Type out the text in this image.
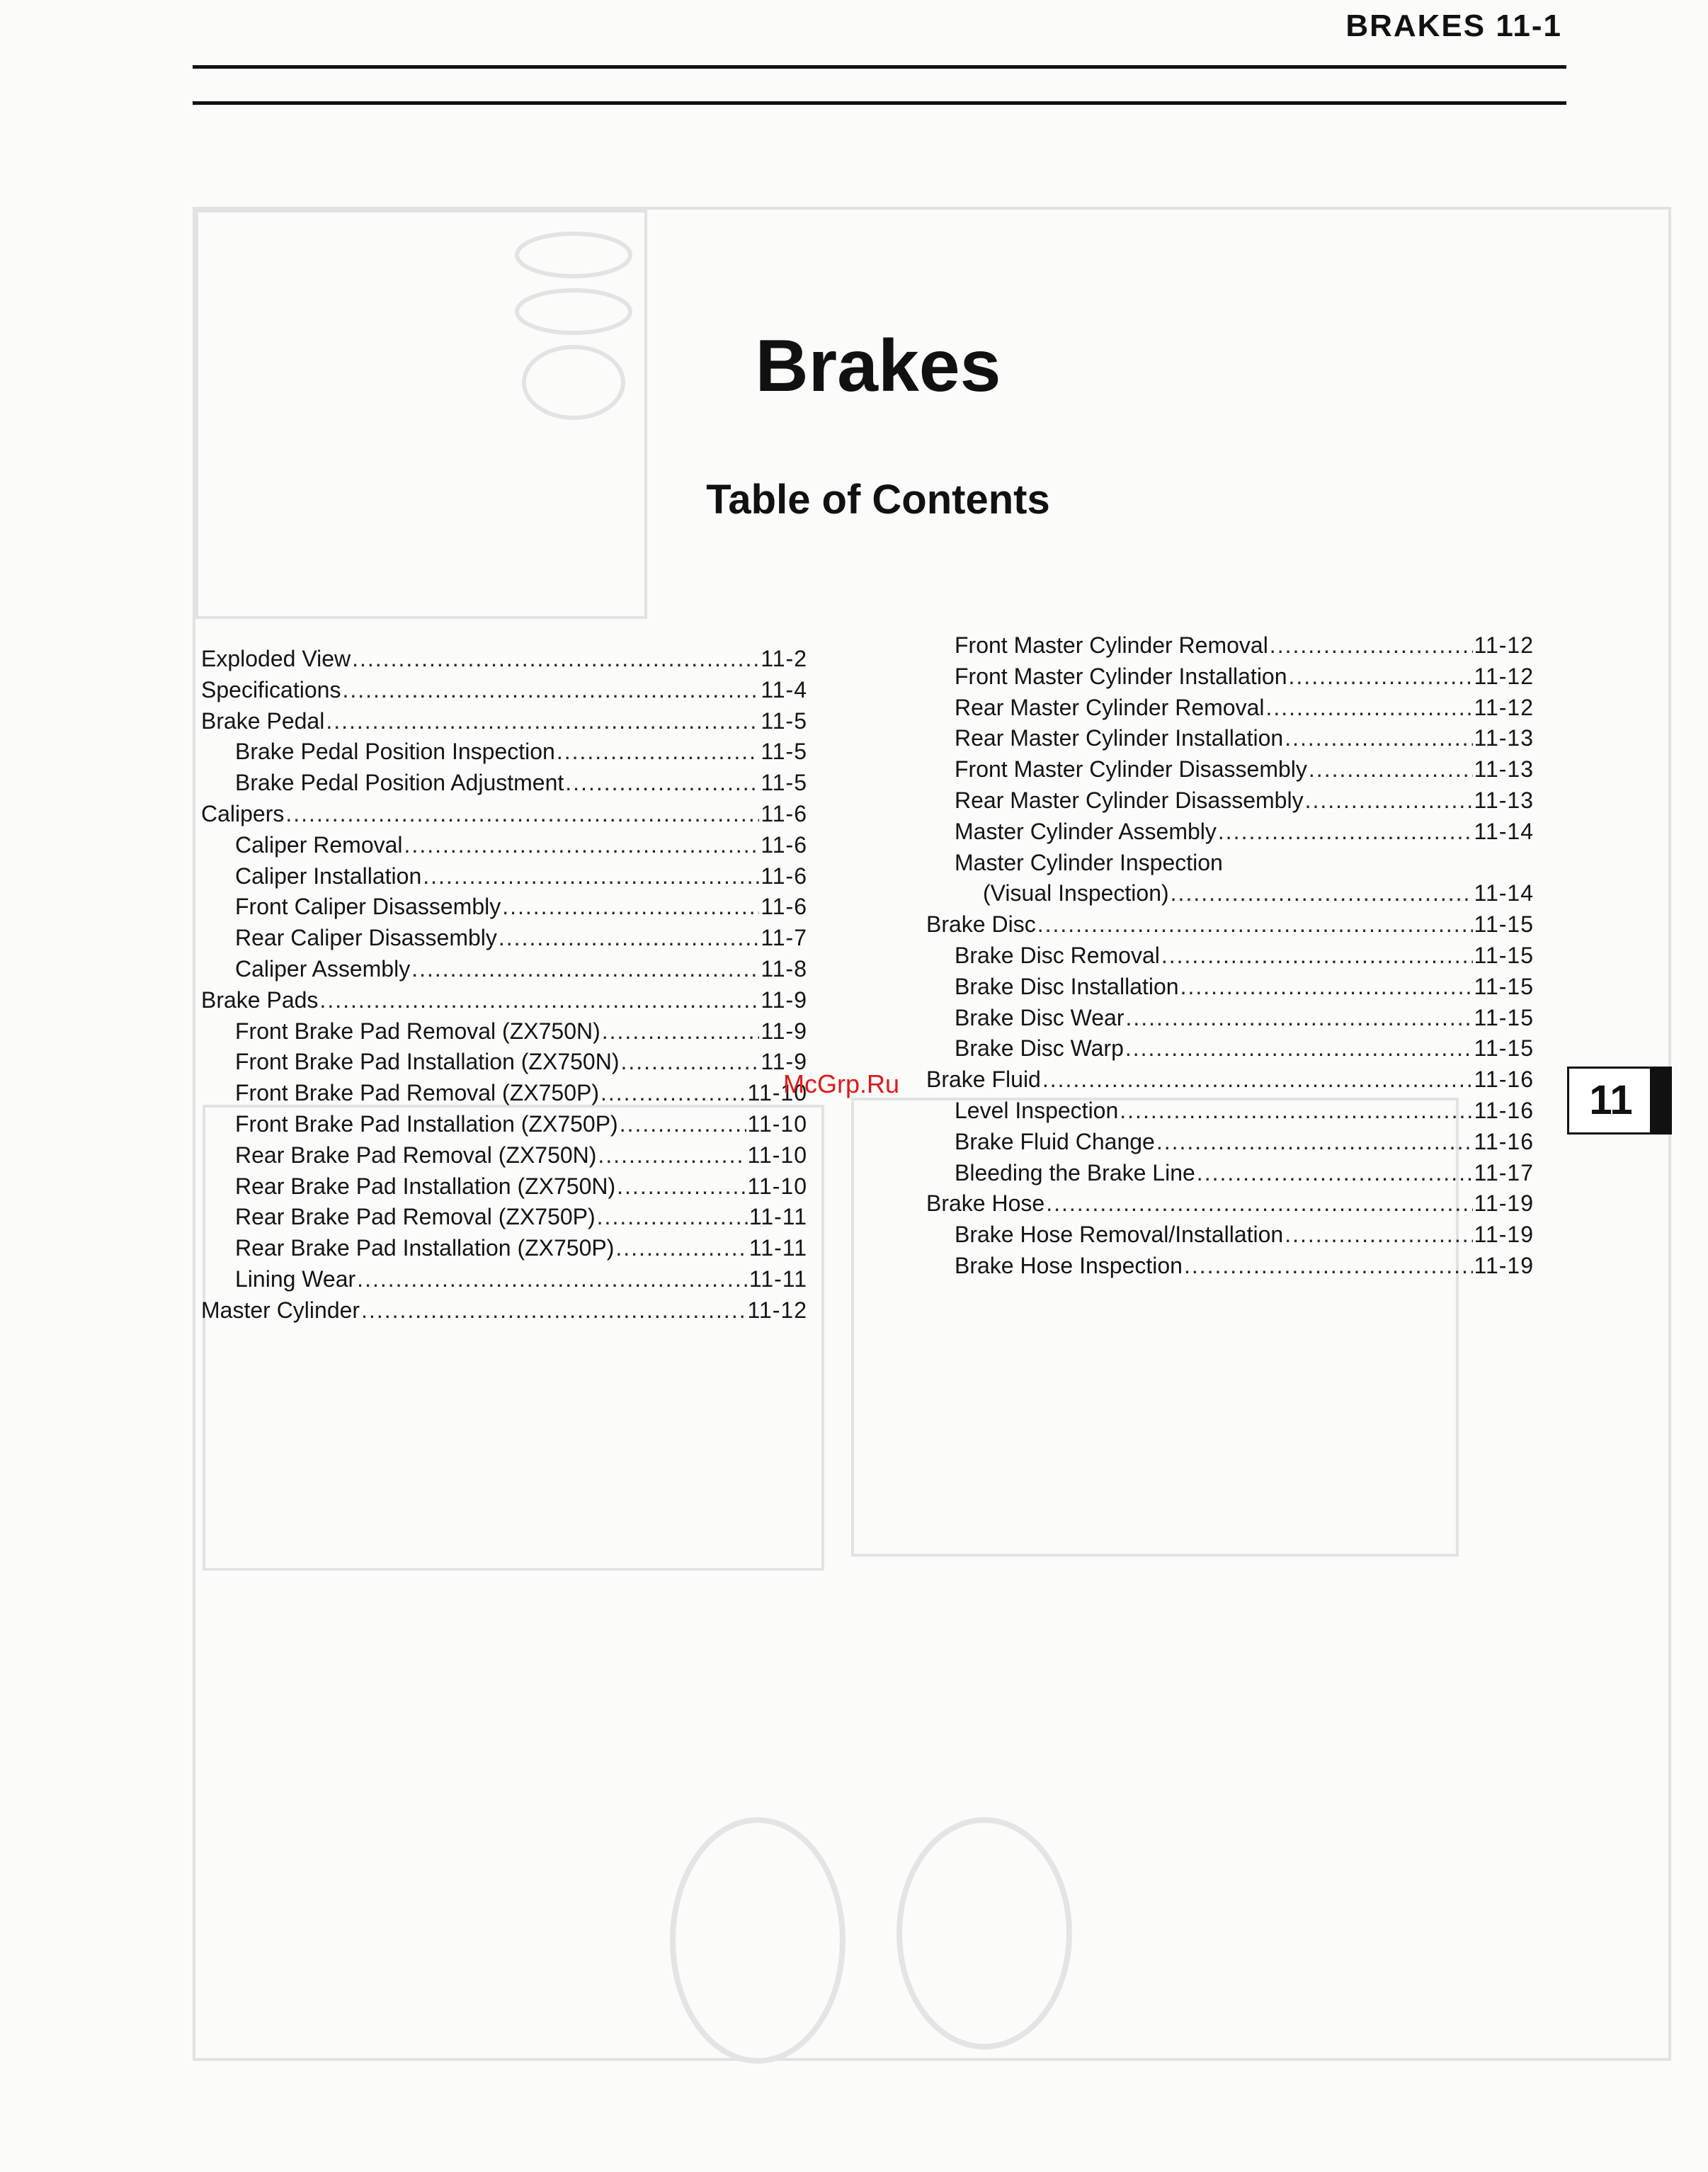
BRAKES 11-1
Brakes
Table of Contents
Exploded View .....	11-2
Specifications .....	11-4
Brake Pedal .....	11-5
Brake Pedal Position Inspection .....	11-5
Brake Pedal Position Adjustment .....	11-5
Calipers .....	11-6
Caliper Removal .....	11-6
Caliper Installation .....	11-6
Front Caliper Disassembly .....	11-6
Rear Caliper Disassembly .....	11-7
Caliper Assembly .....	11-8
Brake Pads .....	11-9
Front Brake Pad Removal (ZX750N) .....	11-9
Front Brake Pad Installation (ZX750N) .....	11-9
Front Brake Pad Removal (ZX750P) .....	11-10
Front Brake Pad Installation (ZX750P) .....	11-10
Rear Brake Pad Removal (ZX750N) .....	11-10
Rear Brake Pad Installation (ZX750N) .....	11-10
Rear Brake Pad Removal (ZX750P) .....	11-11
Rear Brake Pad Installation (ZX750P) .....	11-11
Lining Wear .....	11-11
Master Cylinder .....	11-12
Front Master Cylinder Removal .....	11-12
Front Master Cylinder Installation .....	11-12
Rear Master Cylinder Removal .....	11-12
Rear Master Cylinder Installation .....	11-13
Front Master Cylinder Disassembly .....	11-13
Rear Master Cylinder Disassembly .....	11-13
Master Cylinder Assembly .....	11-14
Master Cylinder Inspection
(Visual Inspection) .....	11-14
Brake Disc .....	11-15
Brake Disc Removal .....	11-15
Brake Disc Installation .....	11-15
Brake Disc Wear .....	11-15
Brake Disc Warp .....	11-15
Brake Fluid .....	11-16
Level Inspection .....	11-16
Brake Fluid Change .....	11-16
Bleeding the Brake Line .....	11-17
Brake Hose .....	11-19
Brake Hose Removal/Installation .....	11-19
Brake Hose Inspection .....	11-19
McGrp.Ru	11
